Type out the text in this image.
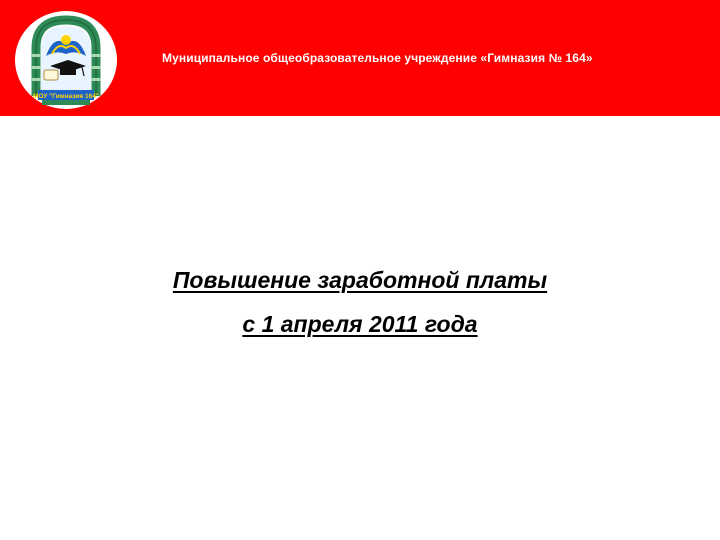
МОУ "Гимназия 164"
Муниципальное общеобразовательное учреждение «Гимназия № 164»
Повышение заработной платы
с 1 апреля 2011 года
